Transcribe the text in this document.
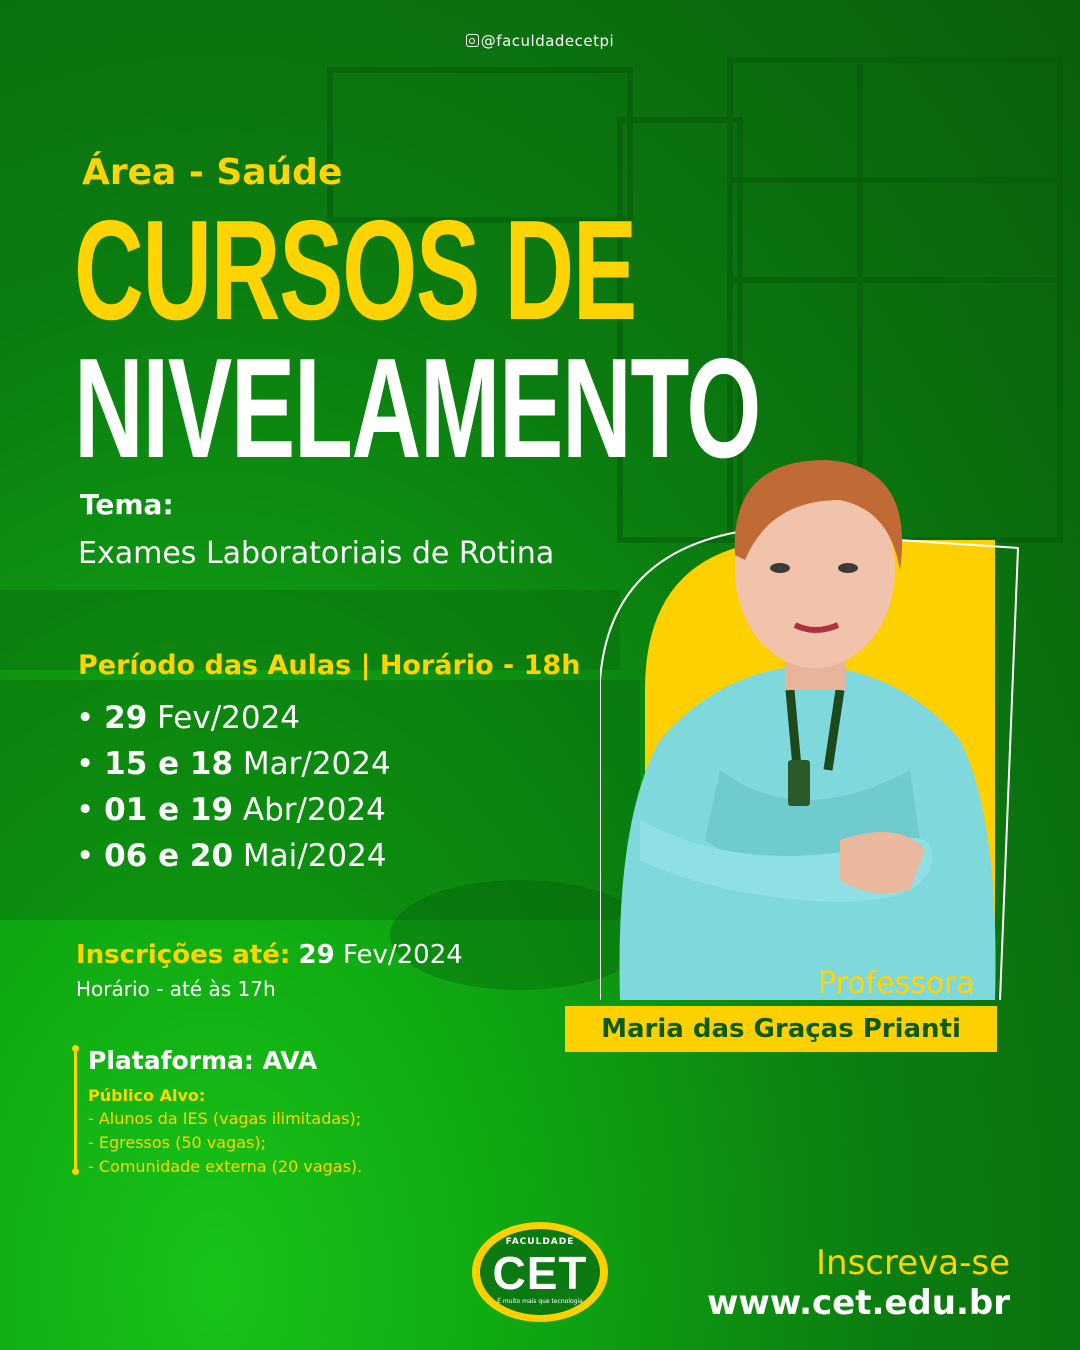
@faculdadecetpi
Área - Saúde
CURSOS DE
NIVELAMENTO
Tema:
Exames Laboratoriais de Rotina
Período das Aulas | Horário - 18h
• 29 Fev/2024
• 15 e 18 Mar/2024
• 01 e 19 Abr/2024
• 06 e 20 Mai/2024
Inscrições até: 29 Fev/2024
Horário - até às 17h
Plataforma: AVA
Público Alvo:
- Alunos da IES (vagas ilimitadas);
- Egressos (50 vagas);
- Comunidade externa (20 vagas).
Professora
Maria das Graças Prianti
FACULDADE
CET
É muito mais que tecnologia
Inscreva-se
www.cet.edu.br
